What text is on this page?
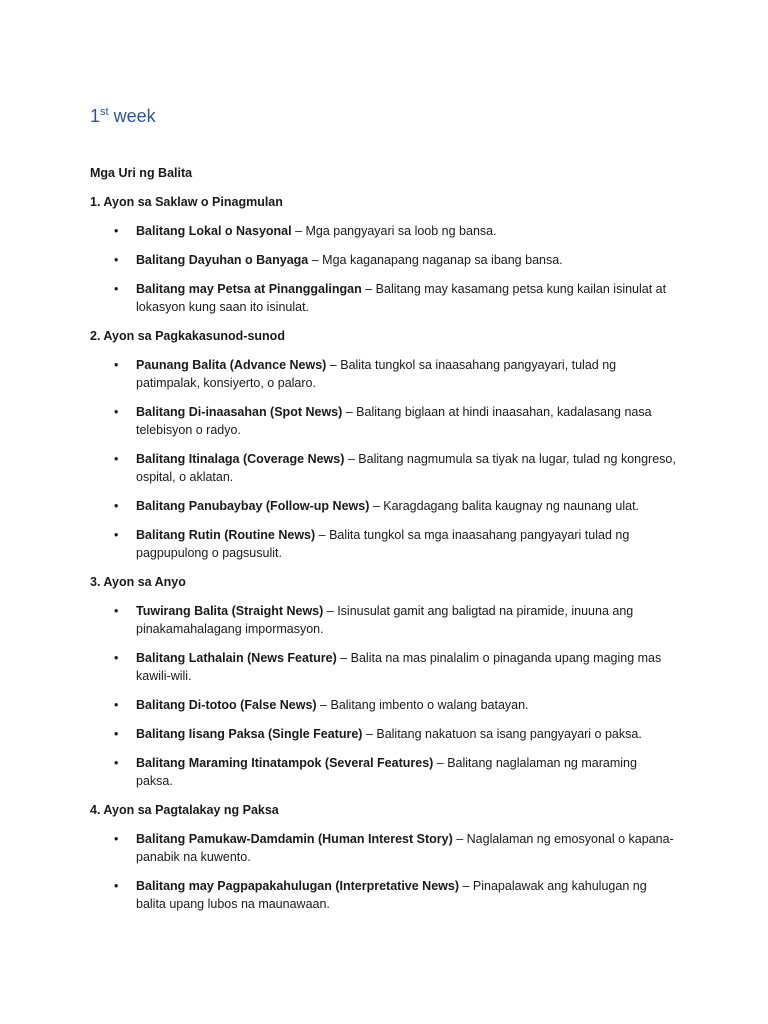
1st week
Mga Uri ng Balita
1. Ayon sa Saklaw o Pinagmulan
• Balitang Lokal o Nasyonal – Mga pangyayari sa loob ng bansa.
• Balitang Dayuhan o Banyaga – Mga kaganapang naganap sa ibang bansa.
• Balitang may Petsa at Pinanggalingan – Balitang may kasamang petsa kung kailan isinulat at lokasyon kung saan ito isinulat.
2. Ayon sa Pagkakasunod-sunod
• Paunang Balita (Advance News) – Balita tungkol sa inaasahang pangyayari, tulad ng patimpalak, konsiyerto, o palaro.
• Balitang Di-inaasahan (Spot News) – Balitang biglaan at hindi inaasahan, kadalasang nasa telebisyon o radyo.
• Balitang Itinalaga (Coverage News) – Balitang nagmumula sa tiyak na lugar, tulad ng kongreso, ospital, o aklatan.
• Balitang Panubaybay (Follow-up News) – Karagdagang balita kaugnay ng naunang ulat.
• Balitang Rutin (Routine News) – Balita tungkol sa mga inaasahang pangyayari tulad ng pagpupulong o pagsusulit.
3. Ayon sa Anyo
• Tuwirang Balita (Straight News) – Isinusulat gamit ang baligtad na piramide, inuuna ang pinakamahalagang impormasyon.
• Balitang Lathalain (News Feature) – Balita na mas pinalalim o pinaganda upang maging mas kawili-wili.
• Balitang Di-totoo (False News) – Balitang imbento o walang batayan.
• Balitang Iisang Paksa (Single Feature) – Balitang nakatuon sa isang pangyayari o paksa.
• Balitang Maraming Itinatampok (Several Features) – Balitang naglalaman ng maraming paksa.
4. Ayon sa Pagtalakay ng Paksa
• Balitang Pamukaw-Damdamin (Human Interest Story) – Naglalaman ng emosyonal o kapana-panabik na kuwento.
• Balitang may Pagpapakahulugan (Interpretative News) – Pinapalawak ang kahulugan ng balita upang lubos na maunawaan.
